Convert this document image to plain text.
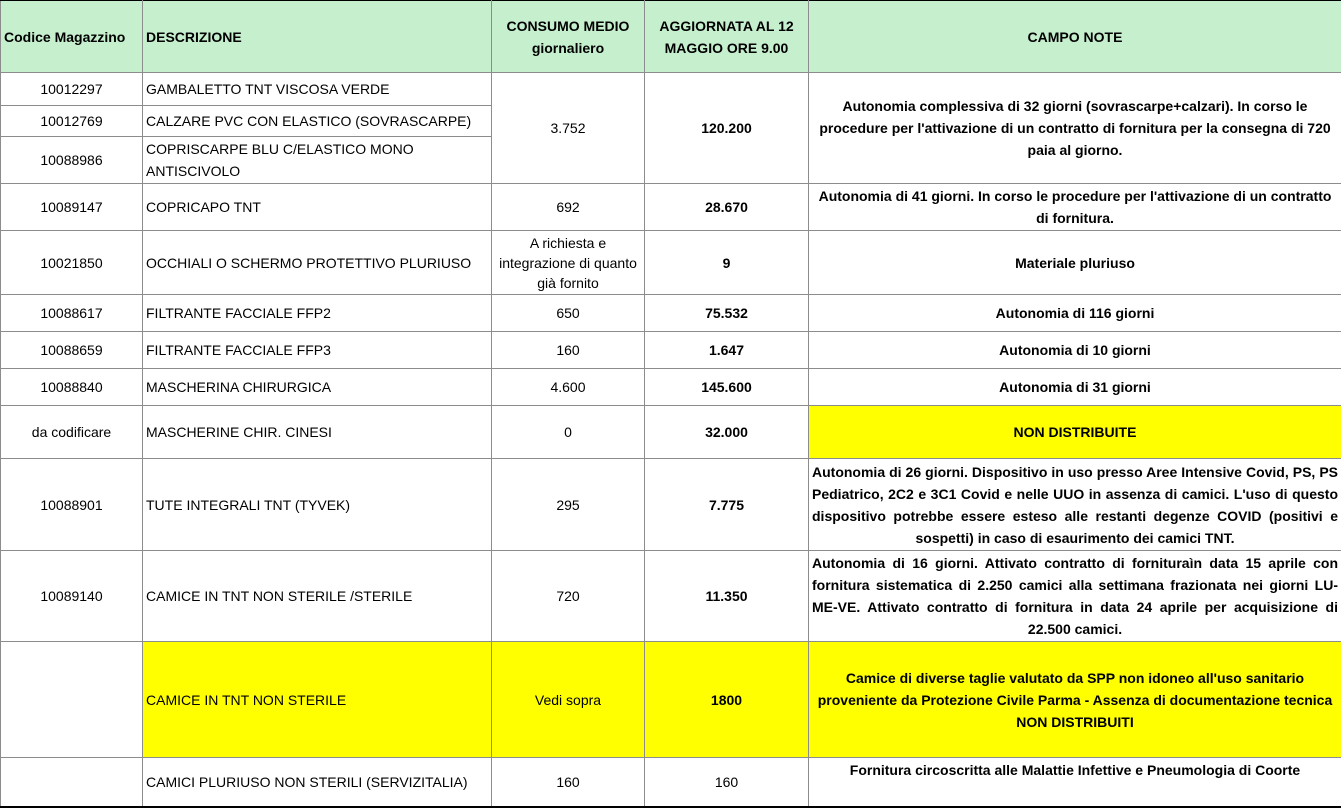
Codice Magazzino	DESCRIZIONE	CONSUMO MEDIO giornaliero	AGGIORNATA AL 12 MAGGIO ORE 9.00	CAMPO NOTE
10012297	GAMBALETTO TNT VISCOSA VERDE	3.752	120.200	Autonomia complessiva di 32 giorni (sovrascarpe+calzari). In corso le procedure per l'attivazione di un contratto di fornitura per la consegna di 720 paia al giorno.
10012769	CALZARE PVC CON ELASTICO (SOVRASCARPE)			
10088986	COPRISCARPE BLU C/ELASTICO MONO ANTISCIVOLO			
10089147	COPRICAPO TNT	692	28.670	Autonomia di 41 giorni. In corso le procedure per l'attivazione di un contratto di fornitura.
10021850	OCCHIALI O SCHERMO PROTETTIVO PLURIUSO	A richiesta e integrazione di quanto già fornito	9	Materiale pluriuso
10088617	FILTRANTE FACCIALE FFP2	650	75.532	Autonomia di 116 giorni
10088659	FILTRANTE FACCIALE FFP3	160	1.647	Autonomia di 10 giorni
10088840	MASCHERINA CHIRURGICA	4.600	145.600	Autonomia di 31 giorni
da codificare	MASCHERINE CHIR. CINESI	0	32.000	NON DISTRIBUITE
10088901	TUTE INTEGRALI TNT (TYVEK)	295	7.775	Autonomia di 26 giorni. Dispositivo in uso presso Aree Intensive Covid, PS, PS Pediatrico, 2C2 e 3C1 Covid e nelle UUO in assenza di camici. L'uso di questo dispositivo potrebbe essere esteso alle restanti degenze COVID (positivi e sospetti) in caso di esaurimento dei camici TNT.
10089140	CAMICE IN TNT NON STERILE /STERILE	720	11.350	Autonomia di 16 giorni. Attivato contratto di fornituraìn data 15 aprile con fornitura sistematica di 2.250 camici alla settimana frazionata nei giorni LU-ME-VE. Attivato contratto di fornitura in data 24 aprile per acquisizione di 22.500 camici.
	CAMICE IN TNT NON STERILE	Vedi sopra	1800	Camice di diverse taglie valutato da SPP non idoneo all'uso sanitario proveniente da Protezione Civile Parma - Assenza di documentazione tecnica
NON DISTRIBUITI
	CAMICI PLURIUSO NON STERILI (SERVIZITALIA)	160	160	Fornitura circoscritta alle Malattie Infettive e Pneumologia di Coorte
